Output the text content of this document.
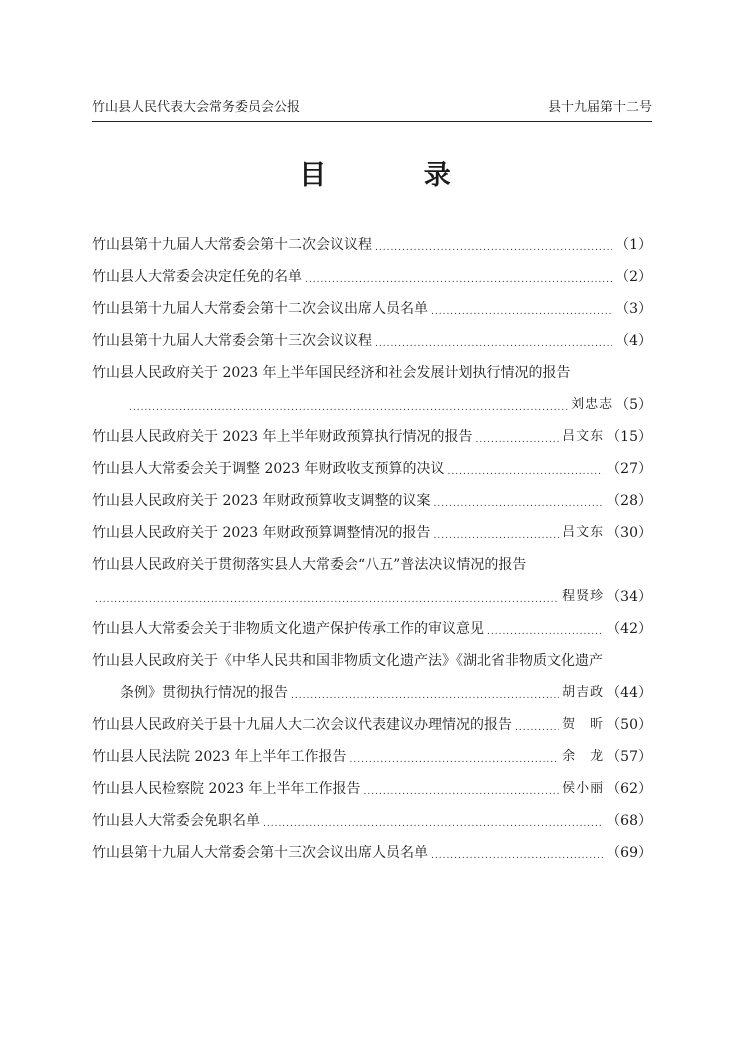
竹山县人民代表大会常务委员会公报	县十九届第十二号
目 录
竹山县第十九届人大常委会第十二次会议议程 .....	（1）
竹山县人大常委会决定任免的名单 .....	（2）
竹山县第十九届人大常委会第十二次会议出席人员名单 .....	（3）
竹山县第十九届人大常委会第十三次会议议程 .....	（4）
竹山县人民政府关于 2023 年上半年国民经济和社会发展计划执行情况的报告
.....
刘忠志 （5）
竹山县人民政府关于 2023 年上半年财政预算执行情况的报告 .....	吕文东 （15）
竹山县人大常委会关于调整 2023 年财政收支预算的决议 .....	（27）
竹山县人民政府关于 2023 年财政预算收支调整的议案 .....	（28）
竹山县人民政府关于 2023 年财政预算调整情况的报告 .....	吕文东 （30）
竹山县人民政府关于贯彻落实县人大常委会“八五”普法决议情况的报告
.....
程贤珍 （34）
竹山县人大常委会关于非物质文化遗产保护传承工作的审议意见 .....	（42）
竹山县人民政府关于《中华人民共和国非物质文化遗产法》《湖北省非物质文化遗产
条例》贯彻执行情况的报告 .....	胡吉政 （44）
竹山县人民政府关于县十九届人大二次会议代表建议办理情况的报告 .....	贺　昕 （50）
竹山县人民法院 2023 年上半年工作报告 .....	余　龙 （57）
竹山县人民检察院 2023 年上半年工作报告 .....	侯小丽 （62）
竹山县人大常委会免职名单 .....	（68）
竹山县第十九届人大常委会第十三次会议出席人员名单 .....	（69）
